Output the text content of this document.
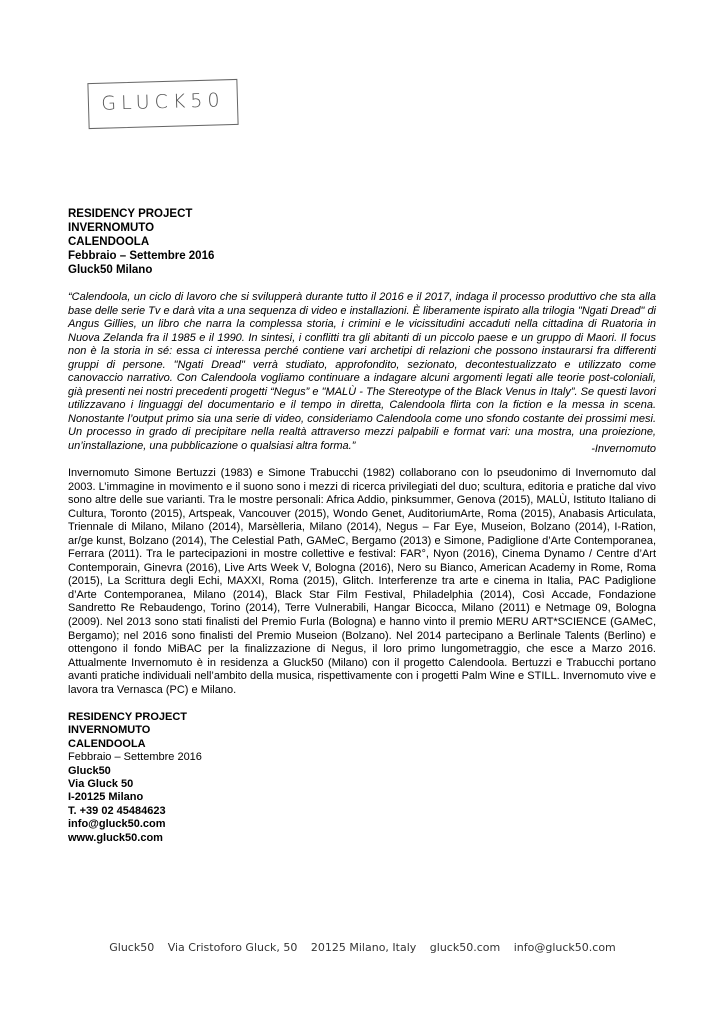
GLUCK50
RESIDENCY PROJECT
INVERNOMUTO
CALENDOOLA
Febbraio – Settembre 2016
Gluck50 Milano
“Calendoola, un ciclo di lavoro che si svilupperà durante tutto il 2016 e il 2017, indaga il processo produttivo che sta alla base delle serie Tv e darà vita a una sequenza di video e installazioni. È liberamente ispirato alla trilogia "Ngati Dread" di Angus Gillies, un libro che narra la complessa storia, i crimini e le vicissitudini accaduti nella cittadina di Ruatoria in Nuova Zelanda fra il 1985 e il 1990. In sintesi, i conflitti tra gli abitanti di un piccolo paese e un gruppo di Maori. Il focus non è la storia in sé: essa ci interessa perché contiene vari archetipi di relazioni che possono instaurarsi fra differenti gruppi di persone. "Ngati Dread" verrà studiato, approfondito, sezionato, decontestualizzato e utilizzato come canovaccio narrativo. Con Calendoola vogliamo continuare a indagare alcuni argomenti legati alle teorie post-coloniali, già presenti nei nostri precedenti progetti “Negus” e "MALÙ - The Stereotype of the Black Venus in Italy”. Se questi lavori utilizzavano i linguaggi del documentario e il tempo in diretta, Calendoola flirta con la fiction e la messa in scena. Nonostante l’output primo sia una serie di video, consideriamo Calendoola come uno sfondo costante dei prossimi mesi. Un processo in grado di precipitare nella realtà attraverso mezzi palpabili e format vari: una mostra, una proiezione, un’installazione, una pubblicazione o qualsiasi altra forma.”	-Invernomuto
Invernomuto Simone Bertuzzi (1983) e Simone Trabucchi (1982) collaborano con lo pseudonimo di Invernomuto dal 2003. L’immagine in movimento e il suono sono i mezzi di ricerca privilegiati del duo; scultura, editoria e pratiche dal vivo sono altre delle sue varianti. Tra le mostre personali: Africa Addio, pinksummer, Genova (2015), MALÙ, Istituto Italiano di Cultura, Toronto (2015), Artspeak, Vancouver (2015), Wondo Genet, AuditoriumArte, Roma (2015), Anabasis Articulata, Triennale di Milano, Milano (2014), Marsèlleria, Milano (2014), Negus – Far Eye, Museion, Bolzano (2014), I-Ration, ar/ge kunst, Bolzano (2014), The Celestial Path, GAMeC, Bergamo (2013) e Simone, Padiglione d’Arte Contemporanea, Ferrara (2011). Tra le partecipazioni in mostre collettive e festival: FAR°, Nyon (2016), Cinema Dynamo / Centre d’Art Contemporain, Ginevra (2016), Live Arts Week V, Bologna (2016), Nero su Bianco, American Academy in Rome, Roma (2015), La Scrittura degli Echi, MAXXI, Roma (2015), Glitch. Interferenze tra arte e cinema in Italia, PAC Padiglione d’Arte Contemporanea, Milano (2014), Black Star Film Festival, Philadelphia (2014), Così Accade, Fondazione Sandretto Re Rebaudengo, Torino (2014), Terre Vulnerabili, Hangar Bicocca, Milano (2011) e Netmage 09, Bologna (2009). Nel 2013 sono stati finalisti del Premio Furla (Bologna) e hanno vinto il premio MERU ART*SCIENCE (GAMeC, Bergamo); nel 2016 sono finalisti del Premio Museion (Bolzano). Nel 2014 partecipano a Berlinale Talents (Berlino) e ottengono il fondo MiBAC per la finalizzazione di Negus, il loro primo lungometraggio, che esce a Marzo 2016. Attualmente Invernomuto è in residenza a Gluck50 (Milano) con il progetto Calendoola. Bertuzzi e Trabucchi portano avanti pratiche individuali nell’ambito della musica, rispettivamente con i progetti Palm Wine e STILL. Invernomuto vive e lavora tra Vernasca (PC) e Milano.
RESIDENCY PROJECT
INVERNOMUTO
CALENDOOLA
Febbraio – Settembre 2016
Gluck50
Via Gluck 50
I-20125 Milano
T. +39 02 45484623
info@gluck50.com
www.gluck50.com
Gluck50 Via Cristoforo Gluck, 50 20125 Milano, Italy gluck50.com info@gluck50.com
